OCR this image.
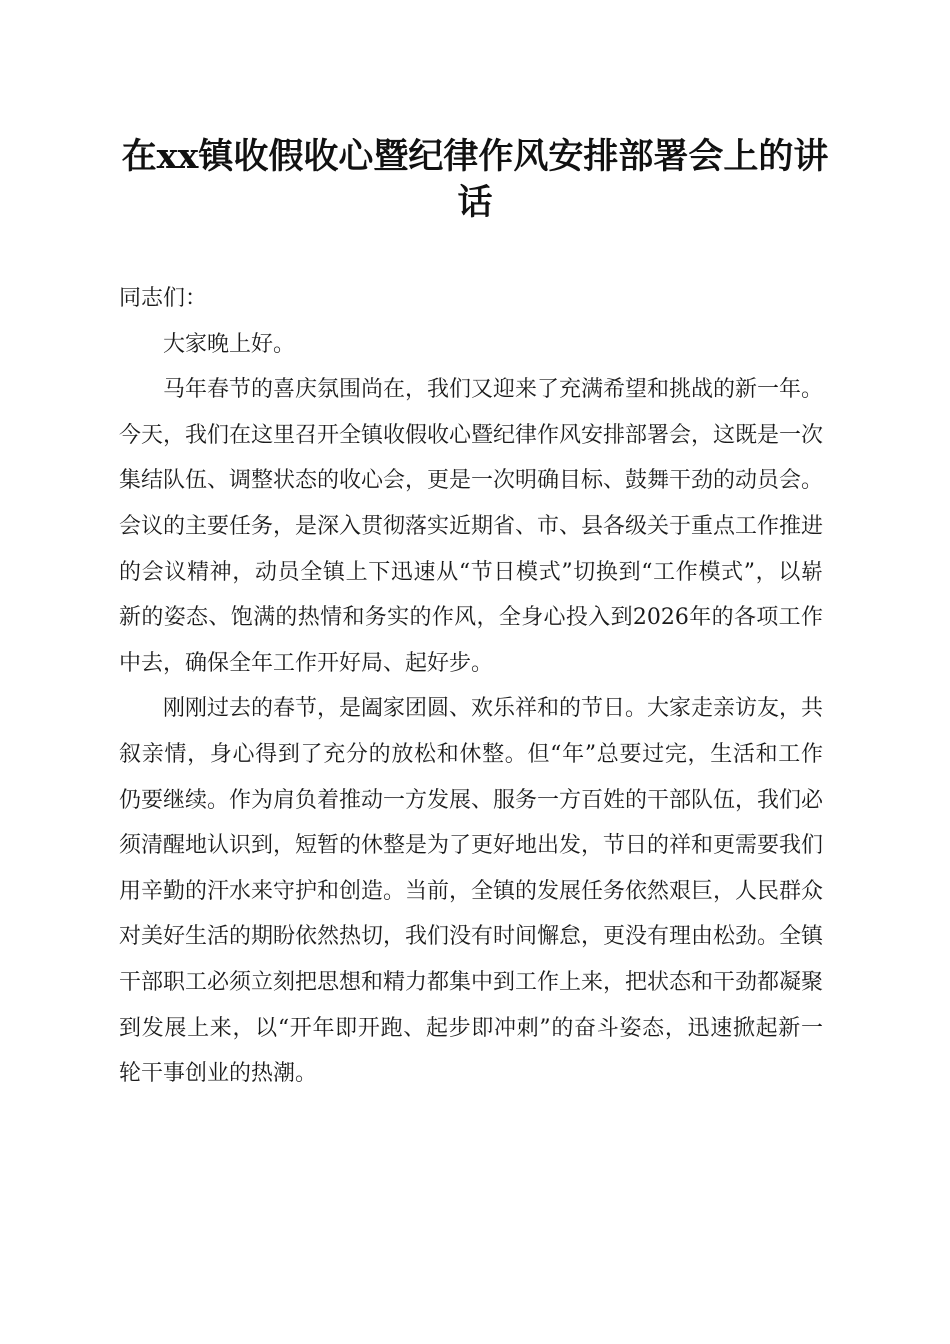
在xx镇收假收心暨纪律作风安排部署会上的讲话

同志们：

大家晚上好。

马年春节的喜庆氛围尚在，我们又迎来了充满希望和挑战的新一年。今天，我们在这里召开全镇收假收心暨纪律作风安排部署会，这既是一次集结队伍、调整状态的收心会，更是一次明确目标、鼓舞干劲的动员会。会议的主要任务，是深入贯彻落实近期省、市、县各级关于重点工作推进的会议精神，动员全镇上下迅速从“节日模式”切换到“工作模式”，以崭新的姿态、饱满的热情和务实的作风，全身心投入到2026年的各项工作中去，确保全年工作开好局、起好步。

刚刚过去的春节，是阖家团圆、欢乐祥和的节日。大家走亲访友，共叙亲情，身心得到了充分的放松和休整。但“年”总要过完，生活和工作仍要继续。作为肩负着推动一方发展、服务一方百姓的干部队伍，我们必须清醒地认识到，短暂的休整是为了更好地出发，节日的祥和更需要我们用辛勤的汗水来守护和创造。当前，全镇的发展任务依然艰巨，人民群众对美好生活的期盼依然热切，我们没有时间懈怠，更没有理由松劲。全镇干部职工必须立刻把思想和精力都集中到工作上来，把状态和干劲都凝聚到发展上来，以“开年即开跑、起步即冲刺”的奋斗姿态，迅速掀起新一轮干事创业的热潮。
